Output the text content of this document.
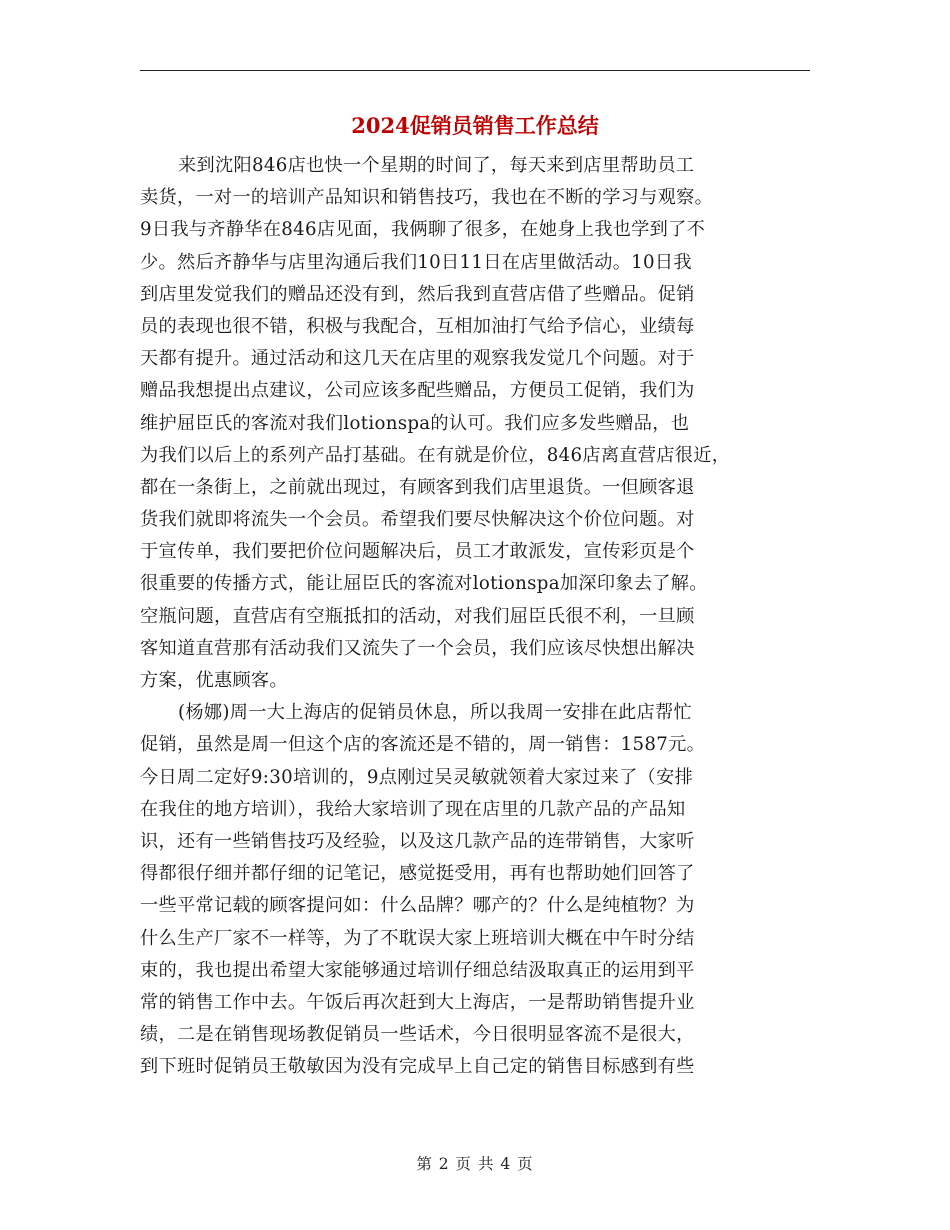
2024促销员销售工作总结
来到沈阳846店也快一个星期的时间了，每天来到店里帮助员工
卖货，一对一的培训产品知识和销售技巧，我也在不断的学习与观察。
9日我与齐静华在846店见面，我俩聊了很多，在她身上我也学到了不
少。然后齐静华与店里沟通后我们10日11日在店里做活动。10日我
到店里发觉我们的赠品还没有到，然后我到直营店借了些赠品。促销
员的表现也很不错，积极与我配合，互相加油打气给予信心，业绩每
天都有提升。通过活动和这几天在店里的观察我发觉几个问题。对于
赠品我想提出点建议，公司应该多配些赠品，方便员工促销，我们为
维护屈臣氏的客流对我们lotionspa的认可。我们应多发些赠品，也
为我们以后上的系列产品打基础。在有就是价位，846店离直营店很近，
都在一条街上，之前就出现过，有顾客到我们店里退货。一但顾客退
货我们就即将流失一个会员。希望我们要尽快解决这个价位问题。对
于宣传单，我们要把价位问题解决后，员工才敢派发，宣传彩页是个
很重要的传播方式，能让屈臣氏的客流对lotionspa加深印象去了解。
空瓶问题，直营店有空瓶抵扣的活动，对我们屈臣氏很不利，一旦顾
客知道直营那有活动我们又流失了一个会员，我们应该尽快想出解决
方案，优惠顾客。
(杨娜)周一大上海店的促销员休息，所以我周一安排在此店帮忙
促销，虽然是周一但这个店的客流还是不错的，周一销售：1587元。
今日周二定好9:30培训的，9点刚过吴灵敏就领着大家过来了（安排
在我住的地方培训），我给大家培训了现在店里的几款产品的产品知
识，还有一些销售技巧及经验，以及这几款产品的连带销售，大家听
得都很仔细并都仔细的记笔记，感觉挺受用，再有也帮助她们回答了
一些平常记载的顾客提问如：什么品牌？哪产的？什么是纯植物？为
什么生产厂家不一样等，为了不耽误大家上班培训大概在中午时分结
束的，我也提出希望大家能够通过培训仔细总结汲取真正的运用到平
常的销售工作中去。午饭后再次赶到大上海店，一是帮助销售提升业
绩，二是在销售现场教促销员一些话术，今日很明显客流不是很大，
到下班时促销员王敬敏因为没有完成早上自己定的销售目标感到有些
第 2 页 共 4 页
